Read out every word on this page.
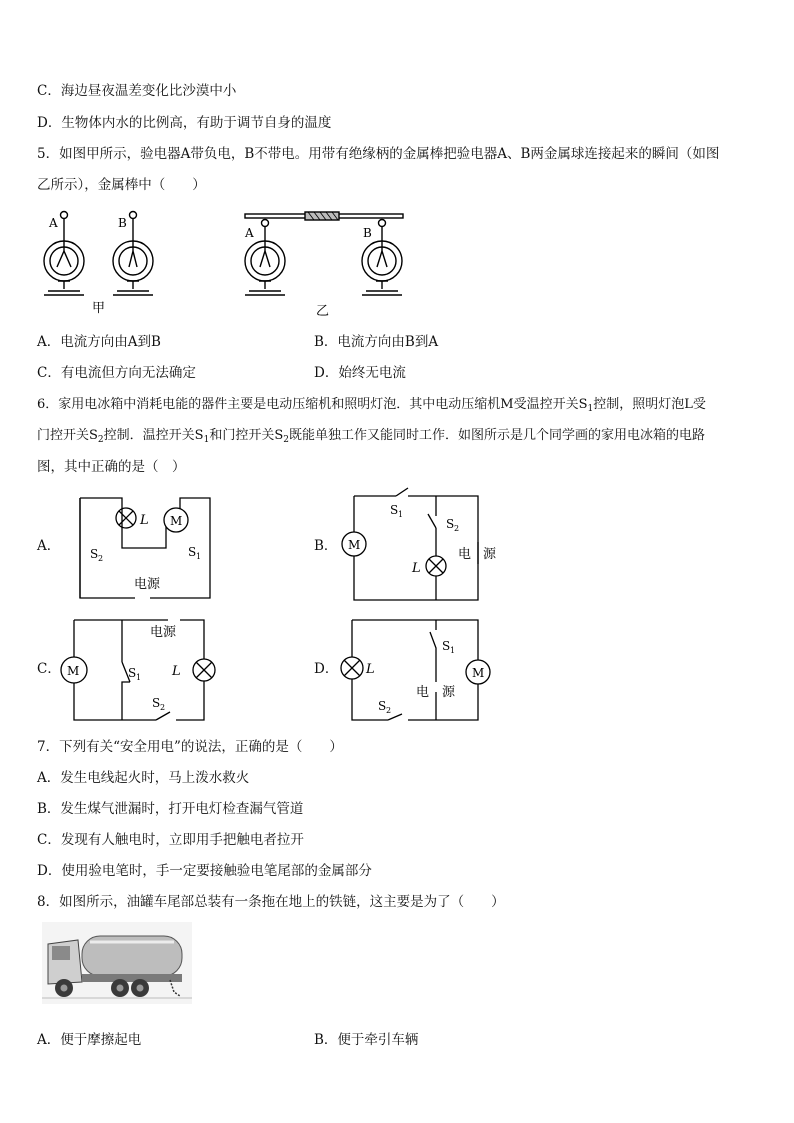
C．海边昼夜温差变化比沙漠中小
D．生物体内水的比例高，有助于调节自身的温度
5．如图甲所示，验电器A带负电，B不带电。用带有绝缘柄的金属棒把验电器A、B两金属球连接起来的瞬间（如图
乙所示），金属棒中（　　）
A	B
A	B
甲	乙
A．电流方向由A到B	B．电流方向由B到A
C．有电流但方向无法确定	D．始终无电流
6．家用电冰箱中消耗电能的器件主要是电动压缩机和照明灯泡．其中电动压缩机M受温控开关$S_1$控制，照明灯泡L受
门控开关$S_2$控制．温控开关$S_1$和门控开关$S_2$既能单独工作又能同时工作．如图所示是几个同学画的家用电冰箱的电路
图，其中正确的是（　）
A．
L M
S 2	S 1
电源
B． M
S 1
S 2
L
电 源
C． M	S 1 L
S 2
电源
D． L
S 1
M
S 2
电 源
7．下列有关“安全用电”的说法，正确的是（　　）
A．发生电线起火时，马上泼水救火
B．发生煤气泄漏时，打开电灯检查漏气管道
C．发现有人触电时，立即用手把触电者拉开
D．使用验电笔时，手一定要接触验电笔尾部的金属部分
8．如图所示，油罐车尾部总装有一条拖在地上的铁链，这主要是为了（　　）
A．便于摩擦起电	B．便于牵引车辆
